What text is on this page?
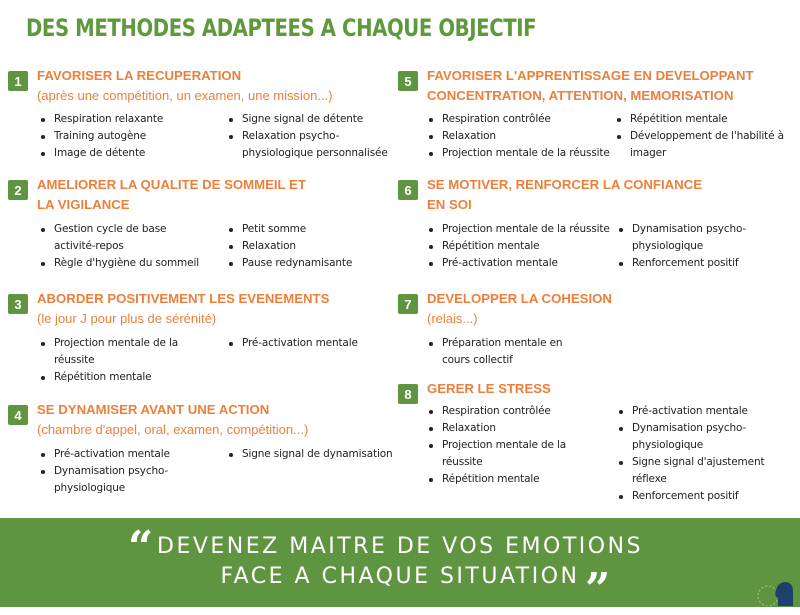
DES METHODES ADAPTEES A CHAQUE OBJECTIF
1	FAVORISER LA RECUPERATION
(après une compétition, un examen, une mission...)
Respiration relaxante
Training autogène
Image de détente
Signe signal de détente
Relaxation psycho-physiologique personnalisée
2	AMELIORER LA QUALITE DE SOMMEIL ET
LA VIGILANCE
Gestion cycle de base activité-repos
Règle d'hygiène du sommeil
Petit somme
Relaxation
Pause redynamisante
3	ABORDER POSITIVEMENT LES EVENEMENTS
(le jour J pour plus de sérénité)
Projection mentale de la réussite
Répétition mentale
Pré-activation mentale
4	SE DYNAMISER AVANT UNE ACTION
(chambre d'appel, oral, examen, compétition...)
Pré-activation mentale
Dynamisation psycho-physiologique
Signe signal de dynamisation
5	FAVORISER L'APPRENTISSAGE EN DEVELOPPANT
CONCENTRATION, ATTENTION, MEMORISATION
Respiration contrôlée
Relaxation
Projection mentale de la réussite
Répétition mentale
Développement de l'habilité à imager
6	SE MOTIVER, RENFORCER LA CONFIANCE
EN SOI
Projection mentale de la réussite
Répétition mentale
Pré-activation mentale
Dynamisation psycho-physiologique
Renforcement positif
7	DEVELOPPER LA COHESION
(relais...)
Préparation mentale en cours collectif
8	GERER LE STRESS
Respiration contrôlée
Relaxation
Projection mentale de la réussite
Répétition mentale
Pré-activation mentale
Dynamisation psycho-physiologique
Signe signal d'ajustement réflexe
Renforcement positif
“ DEVENEZ MAITRE DE VOS EMOTIONS
FACE A CHAQUE SITUATION ”
